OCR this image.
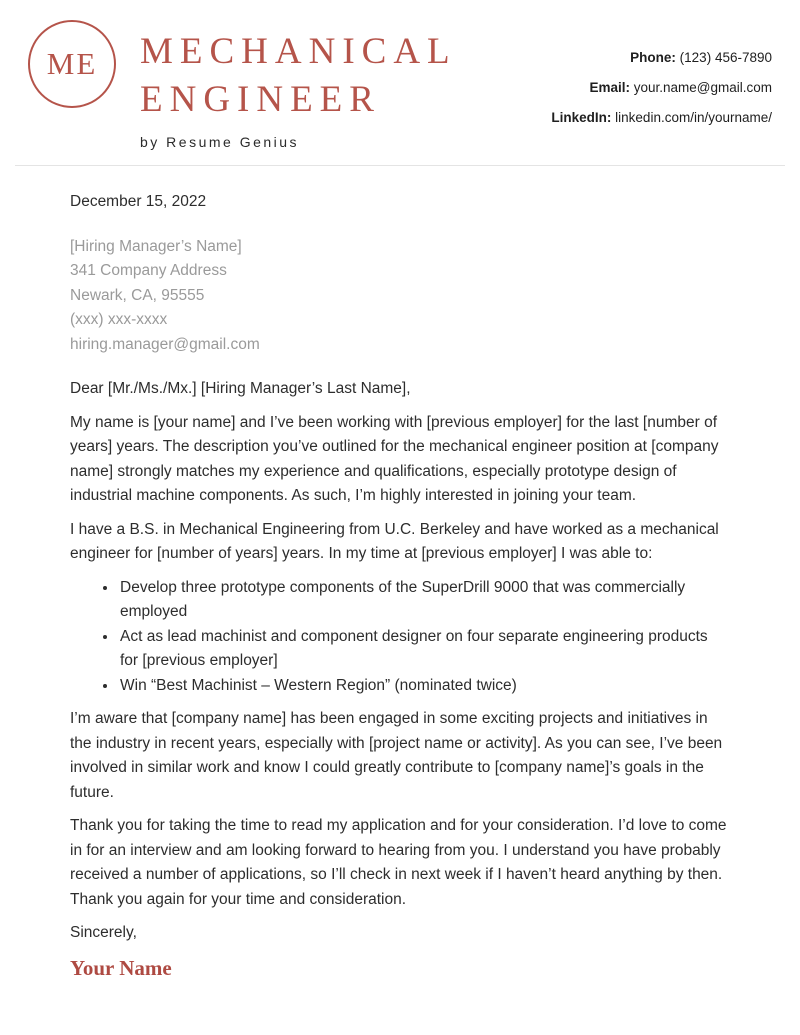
ME MECHANICAL
ENGINEER
by Resume Genius
Phone: (123) 456-7890
Email: your.name@gmail.com
LinkedIn: linkedin.com/in/yourname/

December 15, 2022

[Hiring Manager’s Name]
341 Company Address
Newark, CA, 95555
(xxx) xxx-xxxx
hiring.manager@gmail.com

Dear [Mr./Ms./Mx.] [Hiring Manager’s Last Name],

My name is [your name] and I’ve been working with [previous employer] for the last [number of years] years. The description you’ve outlined for the mechanical engineer position at [company name] strongly matches my experience and qualifications, especially prototype design of industrial machine components. As such, I’m highly interested in joining your team.

I have a B.S. in Mechanical Engineering from U.C. Berkeley and have worked as a mechanical engineer for [number of years] years. In my time at [previous employer] I was able to:

• Develop three prototype components of the SuperDrill 9000 that was commercially employed
• Act as lead machinist and component designer on four separate engineering products for [previous employer]
• Win “Best Machinist – Western Region” (nominated twice)

I’m aware that [company name] has been engaged in some exciting projects and initiatives in the industry in recent years, especially with [project name or activity]. As you can see, I’ve been involved in similar work and know I could greatly contribute to [company name]’s goals in the future.

Thank you for taking the time to read my application and for your consideration. I’d love to come in for an interview and am looking forward to hearing from you. I understand you have probably received a number of applications, so I’ll check in next week if I haven’t heard anything by then. Thank you again for your time and consideration.

Sincerely,

Your Name
